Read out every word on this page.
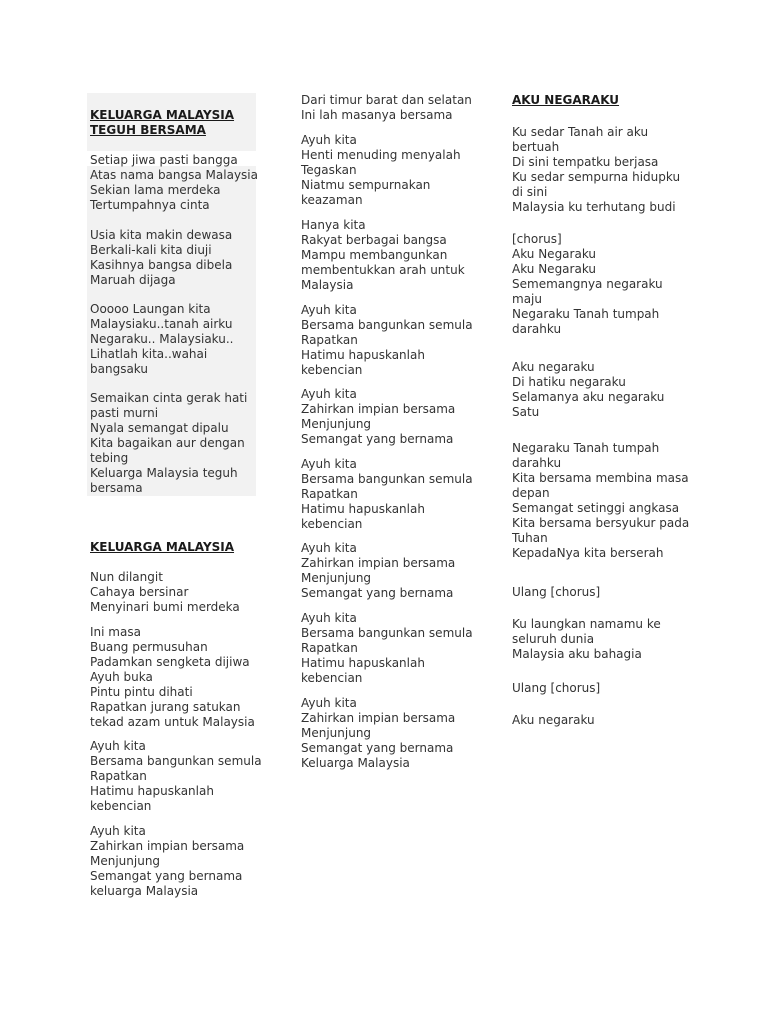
KELUARGA MALAYSIA
TEGUH BERSAMA
Setiap jiwa pasti bangga
Atas nama bangsa Malaysia
Sekian lama merdeka
Tertumpahnya cinta
Usia kita makin dewasa
Berkali-kali kita diuji
Kasihnya bangsa dibela
Maruah dijaga
Ooooo Laungan kita
Malaysiaku..tanah airku
Negaraku.. Malaysiaku..
Lihatlah kita..wahai
bangsaku
Semaikan cinta gerak hati
pasti murni
Nyala semangat dipalu
Kita bagaikan aur dengan
tebing
Keluarga Malaysia teguh
bersama
KELUARGA MALAYSIA
Nun dilangit
Cahaya bersinar
Menyinari bumi merdeka
Ini masa
Buang permusuhan
Padamkan sengketa dijiwa
Ayuh buka
Pintu pintu dihati
Rapatkan jurang satukan
tekad azam untuk Malaysia
Ayuh kita
Bersama bangunkan semula
Rapatkan
Hatimu hapuskanlah
kebencian
Ayuh kita
Zahirkan impian bersama
Menjunjung
Semangat yang bernama
keluarga Malaysia
Dari timur barat dan selatan
Ini lah masanya bersama
Ayuh kita
Henti menuding menyalah
Tegaskan
Niatmu sempurnakan
keazaman
Hanya kita
Rakyat berbagai bangsa
Mampu membangunkan
membentukkan arah untuk
Malaysia
Ayuh kita
Bersama bangunkan semula
Rapatkan
Hatimu hapuskanlah
kebencian
Ayuh kita
Zahirkan impian bersama
Menjunjung
Semangat yang bernama
Ayuh kita
Bersama bangunkan semula
Rapatkan
Hatimu hapuskanlah
kebencian
Ayuh kita
Zahirkan impian bersama
Menjunjung
Semangat yang bernama
Ayuh kita
Bersama bangunkan semula
Rapatkan
Hatimu hapuskanlah
kebencian
Ayuh kita
Zahirkan impian bersama
Menjunjung
Semangat yang bernama
Keluarga Malaysia
AKU NEGARAKU
Ku sedar Tanah air aku
bertuah
Di sini tempatku berjasa
Ku sedar sempurna hidupku
di sini
Malaysia ku terhutang budi
[chorus]
Aku Negaraku
Aku Negaraku
Sememangnya negaraku
maju
Negaraku Tanah tumpah
darahku
Aku negaraku
Di hatiku negaraku
Selamanya aku negaraku
Satu
Negaraku Tanah tumpah
darahku
Kita bersama membina masa
depan
Semangat setinggi angkasa
Kita bersama bersyukur pada
Tuhan
KepadaNya kita berserah
Ulang [chorus]
Ku laungkan namamu ke
seluruh dunia
Malaysia aku bahagia
Ulang [chorus]
Aku negaraku
